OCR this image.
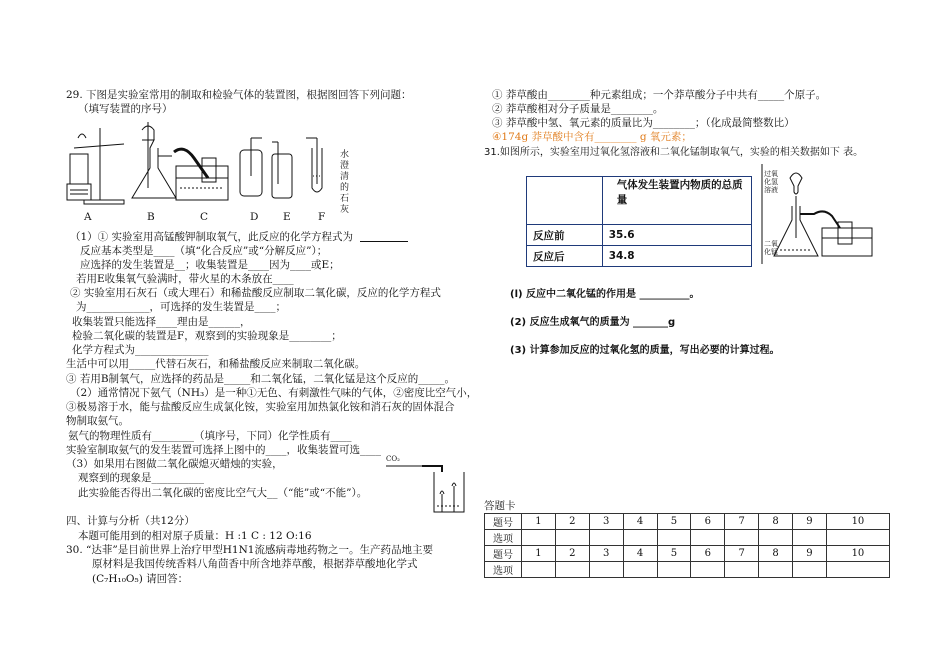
29. 下图是实验室常用的制取和检验气体的装置图，根据图回答下列问题：
（填写装置的序号）
A	B	C	D E	F
水澄清的石灰
（1）① 实验室用高锰酸钾制取氧气，此反应的化学方程式为
反应基本类型是____（填“化合反应”或“分解反应”）；
应选择的发生装置是__；收集装置是____因为____或E；
若用E收集氧气验满时，带火星的木条放在____
② 实验室用石灰石（或大理石）和稀盐酸反应制取二氧化碳，反应的化学方程式
为____________，可选择的发生装置是____；
收集装置只能选择____理由是______，
检验二氧化碳的装置是F，观察到的实验现象是________；
化学方程式为______________
生活中可以用_____代替石灰石，和稀盐酸反应来制取二氧化碳。
③ 若用B制氧气，应选择的药品是_____和二氧化锰，二氧化锰是这个反应的_____。
（2）通常情况下氨气（NH₃）是一种①无色、有刺激性气味的气体，②密度比空气小，
③极易溶于水，能与盐酸反应生成氯化铵，实验室用加热氯化铵和消石灰的固体混合
物制取氨气。
氨气的物理性质有________（填序号，下同）化学性质有____
实验室制取氨气的发生装置可选择上图中的____，收集装置可选____
（3）如果用右图做二氧化碳熄灭蜡烛的实验，
观察到的现象是__________
此实验能否得出二氧化碳的密度比空气大__（“能”或“不能”）。
CO₂
四、计算与分析（共12分）
本题可能用到的相对原子质量：H :1 C : 12 O:16
30. “达菲”是目前世界上治疗甲型H1N1流感病毒地药物之一。生产药品地主要
原材料是我国传统香料八角茴香中所含地莽草酸，根据莽草酸地化学式
(C₇H₁₀O₅) 请回答：
① 莽草酸由________种元素组成；一个莽草酸分子中共有_____个原子。
② 莽草酸相对分子质量是________。
③ 莽草酸中氢、氧元素的质量比为________；（化成最简整数比）
④174g 莽草酸中含有________ g 氧元素；
31.如图所示，实验室用过氧化氢溶液和二氧化锰制取氧气，实验的相关数据如下 表。
	气体发生装置内物质的总质量
反应前	35.6
反应后	34.8
过氧化氢溶液
二氧化锰
(l) 反应中二氧化锰的作用是 __________。
(2) 反应生成氧气的质量为 _______g
(3) 计算参加反应的过氧化氢的质量，写出必要的计算过程。
答题卡
题号	1	2	3	4	5	6	7	8	9	10
选项										
题号	1	2	3	4	5	6	7	8	9	10
选项										
